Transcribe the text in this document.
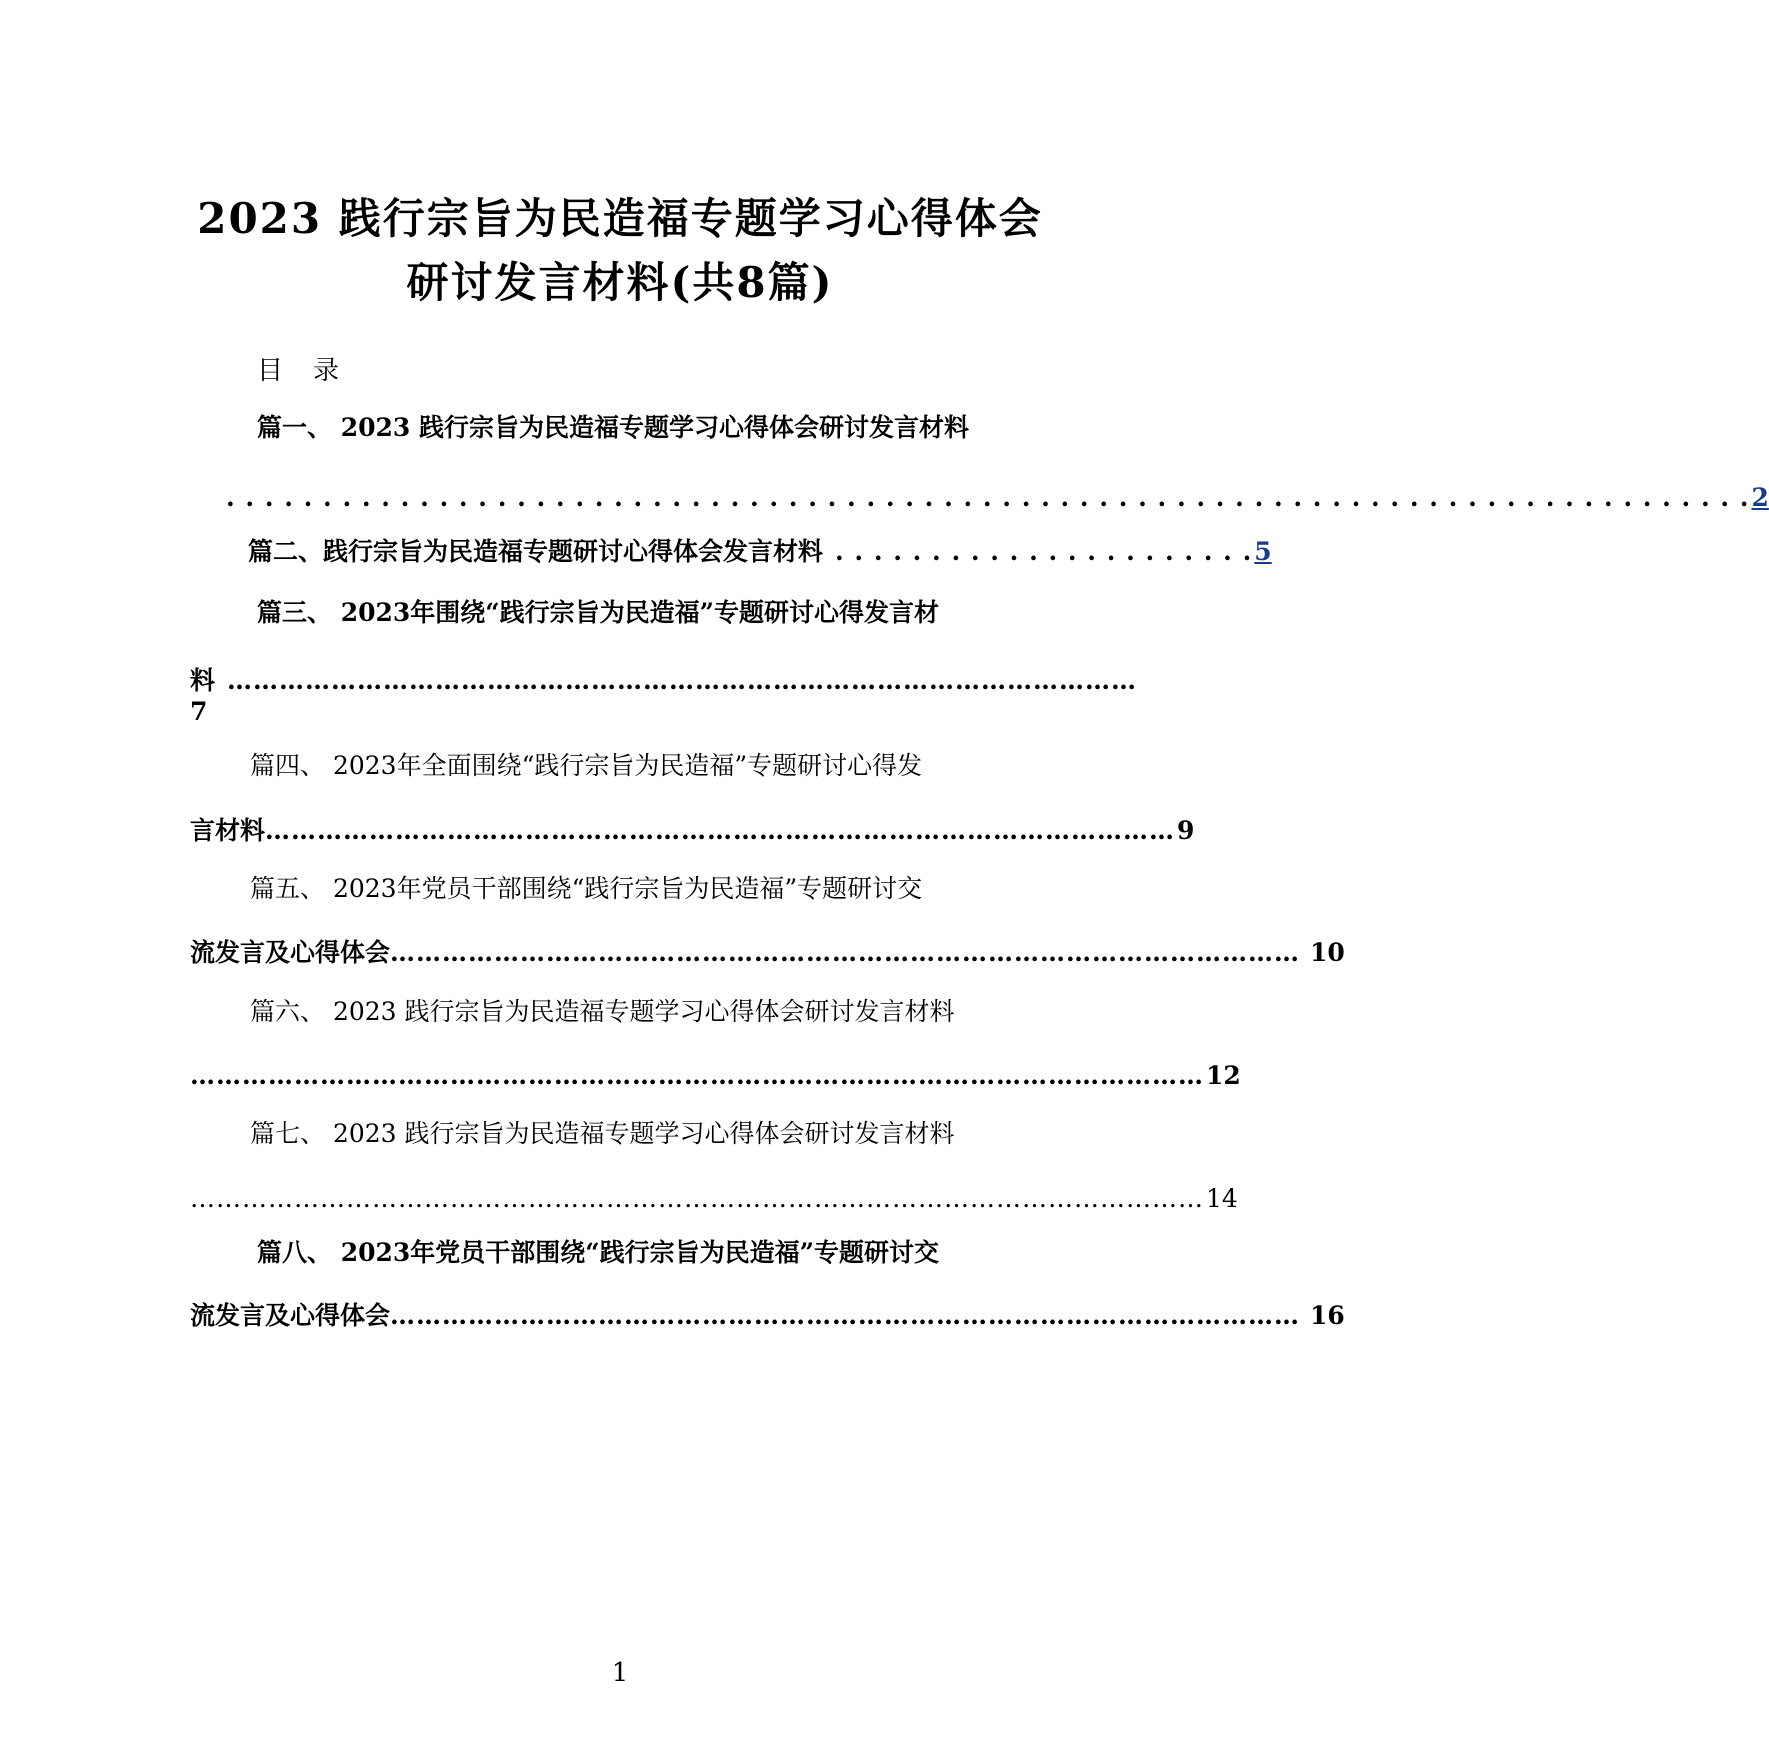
2023 践行宗旨为民造福专题学习心得体会
研讨发言材料(共8篇)
目录
篇一、 2023 践行宗旨为民造福专题学习心得体会研讨发言材料
. . . . . . . . . . . . . . . . . . . . . . . . . . . . . . . . . . . . . . . . . . . . . . . . . . . . . . . . . . . . . . . . . . . . . . . . . . . . . . . 2
篇二、践行宗旨为民造福专题研讨心得体会发言材料 . . . . . . . . . . . . . . . . . . . . . . 5
篇三、 2023年围绕“践行宗旨为民造福”专题研讨心得发言材
料 ……………………………………………………………………………………………
7
篇四、 2023年全面围绕“践行宗旨为民造福”专题研讨心得发
言材料 …………………………………………………………………………………………… 9
篇五、 2023年党员干部围绕“践行宗旨为民造福”专题研讨交
流发言及心得体会 …………………………………………………………………………………………… 10
篇六、 2023 践行宗旨为民造福专题学习心得体会研讨发言材料
……………………………………………………………………………………………………… 12
篇七、 2023 践行宗旨为民造福专题学习心得体会研讨发言材料
……………………………………………………………………………………………………… 14
篇八、 2023年党员干部围绕“践行宗旨为民造福”专题研讨交
流发言及心得体会 …………………………………………………………………………………………… 16
1
